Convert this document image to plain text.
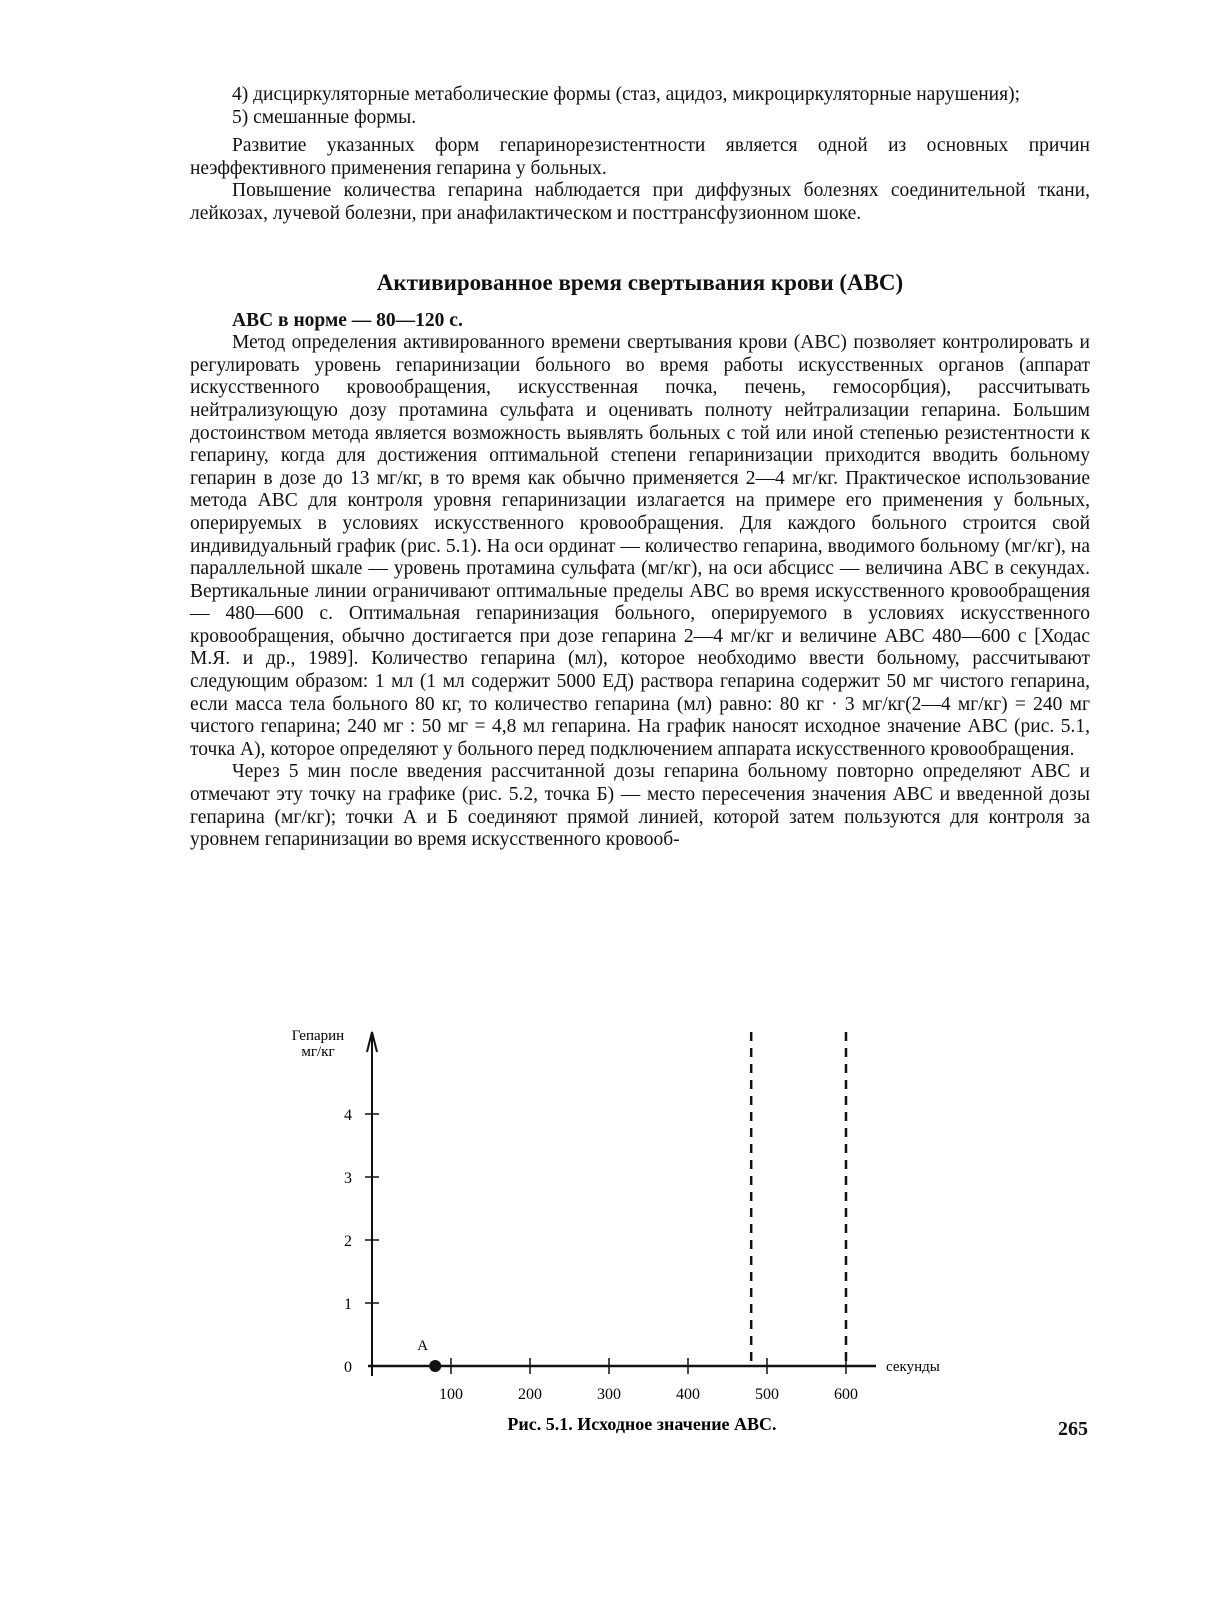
4) дисциркуляторные метаболические формы (стаз, ацидоз, микроциркуляторные нарушения);

5) смешанные формы.

Развитие указанных форм гепаринорезистентности является одной из основных причин неэффективного применения гепарина у больных.

Повышение количества гепарина наблюдается при диффузных болезнях соединительной ткани, лейкозах, лучевой болезни, при анафилактическом и посттрансфузионном шоке.

Активированное время свертывания крови (АВС)

АВС в норме — 80—120 с.

Метод определения активированного времени свертывания крови (АВС) позволяет контролировать и регулировать уровень гепаринизации больного во время работы искусственных органов (аппарат искусственного кровообращения, искусственная почка, печень, гемосорбция), рассчитывать нейтрализующую дозу протамина сульфата и оценивать полноту нейтрализации гепарина. Большим достоинством метода является возможность выявлять больных с той или иной степенью резистентности к гепарину, когда для достижения оптимальной степени гепаринизации приходится вводить больному гепарин в дозе до 13 мг/кг, в то время как обычно применяется 2—4 мг/кг. Практическое использование метода АВС для контроля уровня гепаринизации излагается на примере его применения у больных, оперируемых в условиях искусственного кровообращения. Для каждого больного строится свой индивидуальный график (рис. 5.1). На оси ординат — количество гепарина, вводимого больному (мг/кг), на параллельной шкале — уровень протамина сульфата (мг/кг), на оси абсцисс — величина АВС в секундах. Вертикальные линии ограничивают оптимальные пределы АВС во время искусственного кровообращения — 480—600 с. Оптимальная гепаринизация больного, оперируемого в условиях искусственного кровообращения, обычно достигается при дозе гепарина 2—4 мг/кг и величине АВС 480—600 с [Ходас М.Я. и др., 1989]. Количество гепарина (мл), которое необходимо ввести больному, рассчитывают следующим образом: 1 мл (1 мл содержит 5000 ЕД) раствора гепарина содержит 50 мг чистого гепарина, если масса тела больного 80 кг, то количество гепарина (мл) равно: 80 кг · 3 мг/кг(2—4 мг/кг) = 240 мг чистого гепарина; 240 мг : 50 мг = 4,8 мл гепарина. На график наносят исходное значение АВС (рис. 5.1, точка А), которое определяют у больного перед подключением аппарата искусственного кровообращения.

Через 5 мин после введения рассчитанной дозы гепарина больному повторно определяют АВС и отмечают эту точку на графике (рис. 5.2, точка Б) — место пересечения значения АВС и введенной дозы гепарина (мг/кг); точки А и Б соединяют прямой линией, которой затем пользуются для контроля за уровнем гепаринизации во время искусственного кровооб-

Гепарин
мг/кг
секунды
0
1
2
3
4
100	200	300	400	500	600
А
Рис. 5.1. Исходное значение АВС.	265
